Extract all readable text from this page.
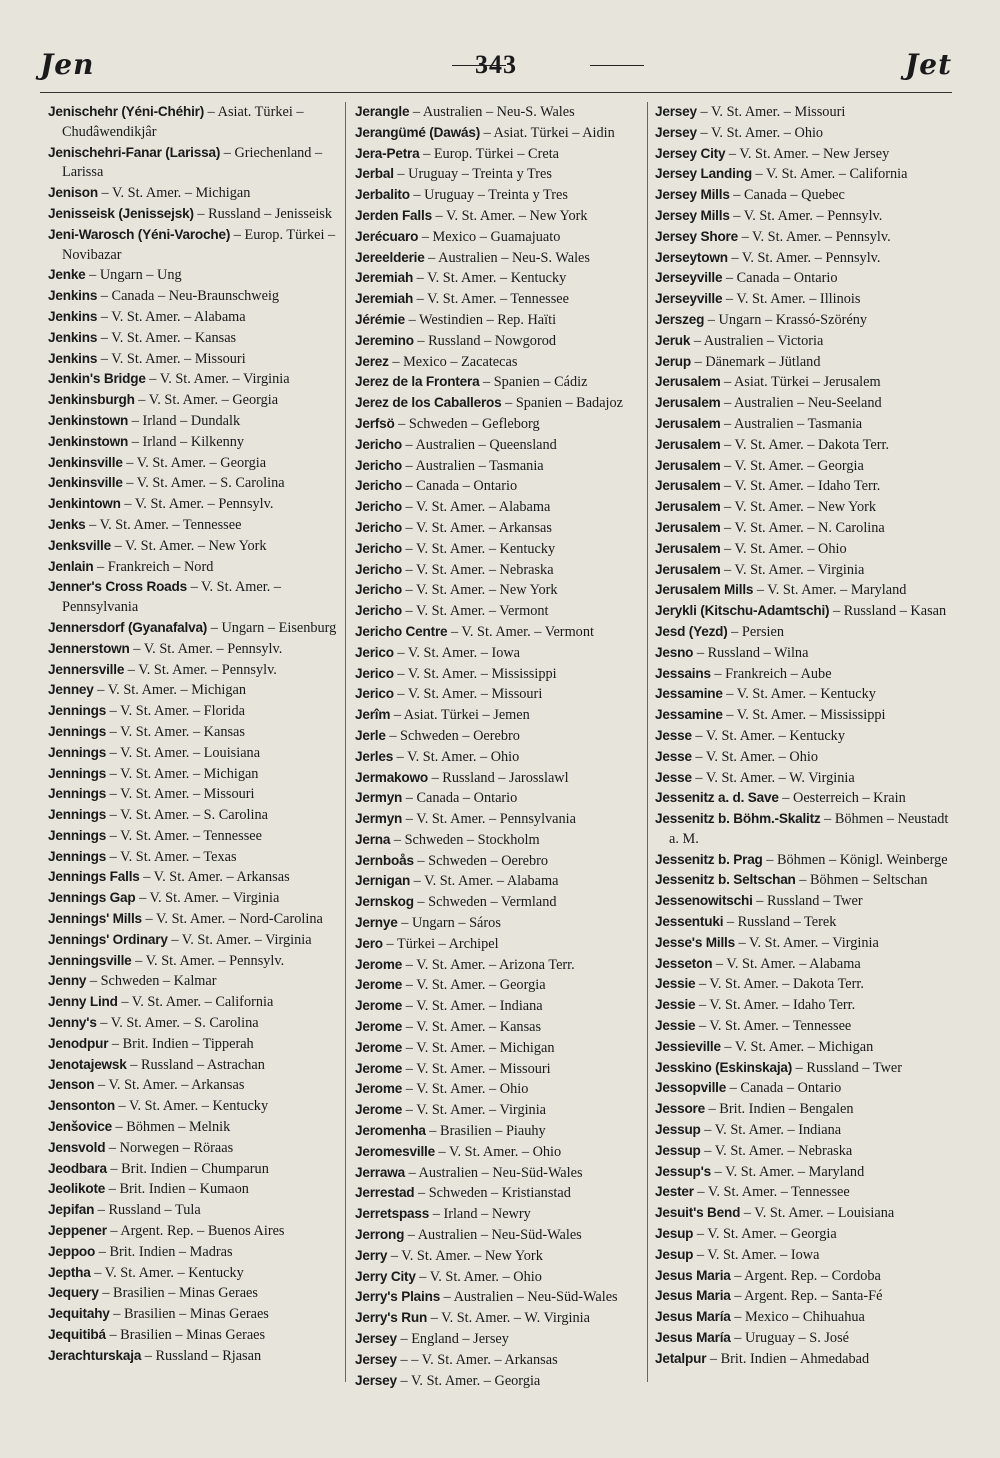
Jen	343	Jet
Jenischehr (Yéni-Chéhir) – Asiat. Türkei – Chudâwendikjâr
Jenischehri-Fanar (Larissa) – Griechenland – Larissa
Jenison – V. St. Amer. – Michigan
Jenisseisk (Jenissejsk) – Russland – Jenisseisk
Jeni-Warosch (Yéni-Varoche) – Europ. Türkei – Novibazar
Jenke – Ungarn – Ung
Jenkins – Canada – Neu-Braunschweig
Jenkins – V. St. Amer. – Alabama
Jenkins – V. St. Amer. – Kansas
Jenkins – V. St. Amer. – Missouri
Jenkin's Bridge – V. St. Amer. – Virginia
Jenkinsburgh – V. St. Amer. – Georgia
Jenkinstown – Irland – Dundalk
Jenkinstown – Irland – Kilkenny
Jenkinsville – V. St. Amer. – Georgia
Jenkinsville – V. St. Amer. – S. Carolina
Jenkintown – V. St. Amer. – Pennsylv.
Jenks – V. St. Amer. – Tennessee
Jenksville – V. St. Amer. – New York
Jenlain – Frankreich – Nord
Jenner's Cross Roads – V. St. Amer. – Pennsylvania
Jennersdorf (Gyanafalva) – Ungarn – Eisenburg
Jennerstown – V. St. Amer. – Pennsylv.
Jennersville – V. St. Amer. – Pennsylv.
Jenney – V. St. Amer. – Michigan
Jennings – V. St. Amer. – Florida
Jennings – V. St. Amer. – Kansas
Jennings – V. St. Amer. – Louisiana
Jennings – V. St. Amer. – Michigan
Jennings – V. St. Amer. – Missouri
Jennings – V. St. Amer. – S. Carolina
Jennings – V. St. Amer. – Tennessee
Jennings – V. St. Amer. – Texas
Jennings Falls – V. St. Amer. – Arkansas
Jennings Gap – V. St. Amer. – Virginia
Jennings' Mills – V. St. Amer. – Nord-Carolina
Jennings' Ordinary – V. St. Amer. – Virginia
Jenningsville – V. St. Amer. – Pennsylv.
Jenny – Schweden – Kalmar
Jenny Lind – V. St. Amer. – California
Jenny's – V. St. Amer. – S. Carolina
Jenodpur – Brit. Indien – Tipperah
Jenotajewsk – Russland – Astrachan
Jenson – V. St. Amer. – Arkansas
Jensonton – V. St. Amer. – Kentucky
Jenšovice – Böhmen – Melnik
Jensvold – Norwegen – Röraas
Jeodbara – Brit. Indien – Chumparun
Jeolikote – Brit. Indien – Kumaon
Jepifan – Russland – Tula
Jeppener – Argent. Rep. – Buenos Aires
Jeppoo – Brit. Indien – Madras
Jeptha – V. St. Amer. – Kentucky
Jequery – Brasilien – Minas Geraes
Jequitahy – Brasilien – Minas Geraes
Jequitibá – Brasilien – Minas Geraes
Jerachturskaja – Russland – Rjasan
Jerangle – Australien – Neu-S. Wales
Jerangümé (Dawás) – Asiat. Türkei – Aidin
Jera-Petra – Europ. Türkei – Creta
Jerbal – Uruguay – Treinta y Tres
Jerbalito – Uruguay – Treinta y Tres
Jerden Falls – V. St. Amer. – New York
Jerécuaro – Mexico – Guamajuato
Jereelderie – Australien – Neu-S. Wales
Jeremiah – V. St. Amer. – Kentucky
Jeremiah – V. St. Amer. – Tennessee
Jérémie – Westindien – Rep. Haïti
Jeremino – Russland – Nowgorod
Jerez – Mexico – Zacatecas
Jerez de la Frontera – Spanien – Cádiz
Jerez de los Caballeros – Spanien – Badajoz
Jerfsö – Schweden – Gefleborg
Jericho – Australien – Queensland
Jericho – Australien – Tasmania
Jericho – Canada – Ontario
Jericho – V. St. Amer. – Alabama
Jericho – V. St. Amer. – Arkansas
Jericho – V. St. Amer. – Kentucky
Jericho – V. St. Amer. – Nebraska
Jericho – V. St. Amer. – New York
Jericho – V. St. Amer. – Vermont
Jericho Centre – V. St. Amer. – Vermont
Jerico – V. St. Amer. – Iowa
Jerico – V. St. Amer. – Mississippi
Jerico – V. St. Amer. – Missouri
Jerîm – Asiat. Türkei – Jemen
Jerle – Schweden – Oerebro
Jerles – V. St. Amer. – Ohio
Jermakowo – Russland – Jarosslawl
Jermyn – Canada – Ontario
Jermyn – V. St. Amer. – Pennsylvania
Jerna – Schweden – Stockholm
Jernboås – Schweden – Oerebro
Jernigan – V. St. Amer. – Alabama
Jernskog – Schweden – Vermland
Jernye – Ungarn – Sáros
Jero – Türkei – Archipel
Jerome – V. St. Amer. – Arizona Terr.
Jerome – V. St. Amer. – Georgia
Jerome – V. St. Amer. – Indiana
Jerome – V. St. Amer. – Kansas
Jerome – V. St. Amer. – Michigan
Jerome – V. St. Amer. – Missouri
Jerome – V. St. Amer. – Ohio
Jerome – V. St. Amer. – Virginia
Jeromenha – Brasilien – Piauhy
Jeromesville – V. St. Amer. – Ohio
Jerrawa – Australien – Neu-Süd-Wales
Jerrestad – Schweden – Kristianstad
Jerretspass – Irland – Newry
Jerrong – Australien – Neu-Süd-Wales
Jerry – V. St. Amer. – New York
Jerry City – V. St. Amer. – Ohio
Jerry's Plains – Australien – Neu-Süd-Wales
Jerry's Run – V. St. Amer. – W. Virginia
Jersey – England – Jersey
Jersey – – V. St. Amer. – Arkansas
Jersey – V. St. Amer. – Georgia
Jersey – V. St. Amer. – Missouri
Jersey – V. St. Amer. – Ohio
Jersey City – V. St. Amer. – New Jersey
Jersey Landing – V. St. Amer. – California
Jersey Mills – Canada – Quebec
Jersey Mills – V. St. Amer. – Pennsylv.
Jersey Shore – V. St. Amer. – Pennsylv.
Jerseytown – V. St. Amer. – Pennsylv.
Jerseyville – Canada – Ontario
Jerseyville – V. St. Amer. – Illinois
Jerszeg – Ungarn – Krassó-Szörény
Jeruk – Australien – Victoria
Jerup – Dänemark – Jütland
Jerusalem – Asiat. Türkei – Jerusalem
Jerusalem – Australien – Neu-Seeland
Jerusalem – Australien – Tasmania
Jerusalem – V. St. Amer. – Dakota Terr.
Jerusalem – V. St. Amer. – Georgia
Jerusalem – V. St. Amer. – Idaho Terr.
Jerusalem – V. St. Amer. – New York
Jerusalem – V. St. Amer. – N. Carolina
Jerusalem – V. St. Amer. – Ohio
Jerusalem – V. St. Amer. – Virginia
Jerusalem Mills – V. St. Amer. – Maryland
Jerykli (Kitschu-Adamtschi) – Russland – Kasan
Jesd (Yezd) – Persien
Jesno – Russland – Wilna
Jessains – Frankreich – Aube
Jessamine – V. St. Amer. – Kentucky
Jessamine – V. St. Amer. – Mississippi
Jesse – V. St. Amer. – Kentucky
Jesse – V. St. Amer. – Ohio
Jesse – V. St. Amer. – W. Virginia
Jessenitz a. d. Save – Oesterreich – Krain
Jessenitz b. Böhm.-Skalitz – Böhmen – Neustadt a. M.
Jessenitz b. Prag – Böhmen – Königl. Weinberge
Jessenitz b. Seltschan – Böhmen – Seltschan
Jessenowitschi – Russland – Twer
Jessentuki – Russland – Terek
Jesse's Mills – V. St. Amer. – Virginia
Jesseton – V. St. Amer. – Alabama
Jessie – V. St. Amer. – Dakota Terr.
Jessie – V. St. Amer. – Idaho Terr.
Jessie – V. St. Amer. – Tennessee
Jessieville – V. St. Amer. – Michigan
Jesskino (Eskinskaja) – Russland – Twer
Jessopville – Canada – Ontario
Jessore – Brit. Indien – Bengalen
Jessup – V. St. Amer. – Indiana
Jessup – V. St. Amer. – Nebraska
Jessup's – V. St. Amer. – Maryland
Jester – V. St. Amer. – Tennessee
Jesuit's Bend – V. St. Amer. – Louisiana
Jesup – V. St. Amer. – Georgia
Jesup – V. St. Amer. – Iowa
Jesus Maria – Argent. Rep. – Cordoba
Jesus Maria – Argent. Rep. – Santa-Fé
Jesus María – Mexico – Chihuahua
Jesus María – Uruguay – S. José
Jetalpur – Brit. Indien – Ahmedabad
